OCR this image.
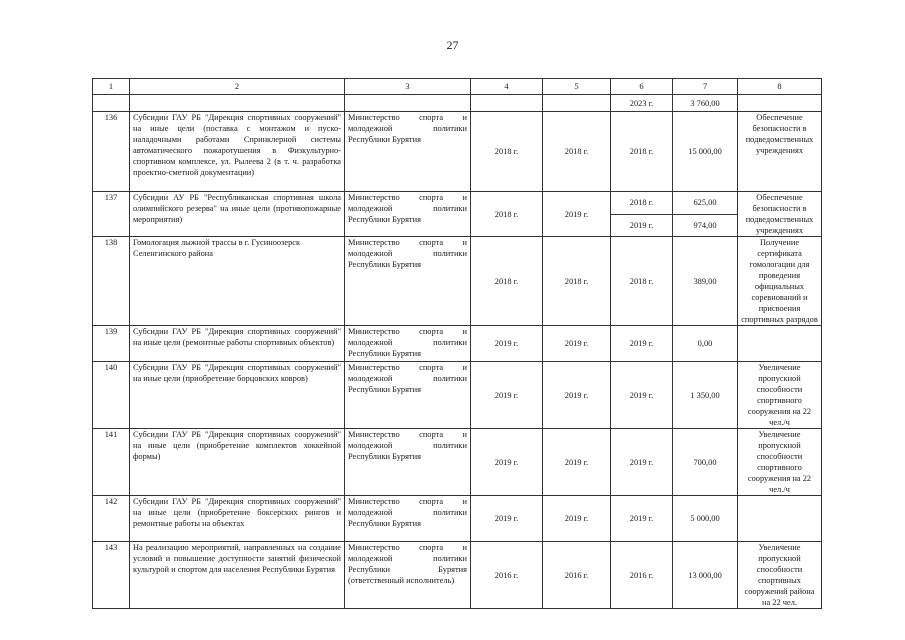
27
1	2	3	4	5	6	7	8
					2023 г.	3 760,00	
136	Субсидии ГАУ РБ "Дирекция спортивных сооружений" на иные цели (поставка с монтажом и пуско-наладочными работами Спринклерной системы автоматического пожаротушения в Физкультурно-спортивном комплексе, ул. Рылеева 2 (в т. ч. разработка проектно-сметной документации)	Министерство спорта и молодежной политики Республики Бурятия	2018 г.	2018 г.	2018 г.	15 000,00	Обеспечение безопасности в подведомственных учреждениях
137	Субсидии АУ РБ "Республиканская спортивная школа олимпийского резерва" на иные цели (противопожарные мероприятия)	Министерство спорта и молодежной политики Республики Бурятия	2018 г.	2019 г.	2018 г.	625,00	Обеспечение безопасности в подведомственных учреждениях
					2019 г.	974,00	
138	Гомологация лыжной трассы в г. Гусиноозерск Селенгинского района	Министерство спорта и молодежной политики Республики Бурятия	2018 г.	2018 г.	2018 г.	389,00	Получение сертификата гомологации для проведения официальных соревнований и присвоения спортивных разрядов
139	Субсидии ГАУ РБ "Дирекция спортивных сооружений" на иные цели (ремонтные работы спортивных объектов)	Министерство спорта и молодежной политики Республики Бурятия	2019 г.	2019 г.	2019 г.	0,00	
140	Субсидии ГАУ РБ "Дирекция спортивных сооружений" на иные цели (приобретение борцовских ковров)	Министерство спорта и молодежной политики Республики Бурятия	2019 г.	2019 г.	2019 г.	1 350,00	Увеличение пропускной способности спортивного сооружения на 22 чел./ч
141	Субсидии ГАУ РБ "Дирекция спортивных сооружений" на иные цели (приобретение комплектов хоккейной формы)	Министерство спорта и молодежной политики Республики Бурятия	2019 г.	2019 г.	2019 г.	700,00	Увеличение пропускной способности спортивного сооружения на 22 чел./ч
142	Субсидии ГАУ РБ "Дирекция спортивных сооружений" на иные цели (приобретение боксерских рингов и ремонтные работы на объектах	Министерство спорта и молодежной политики Республики Бурятия	2019 г.	2019 г.	2019 г.	5 000,00	
143	На реализацию мероприятий, направленных на создание условий и повышение доступности занятий физической культурой и спортом для населения Республики Бурятия	Министерство спорта и молодежной политики Республики Бурятия (ответственный исполнитель)	2016 г.	2016 г.	2016 г.	13 000,00	Увеличение пропускной способности спортивных сооружений района на 22 чел.
